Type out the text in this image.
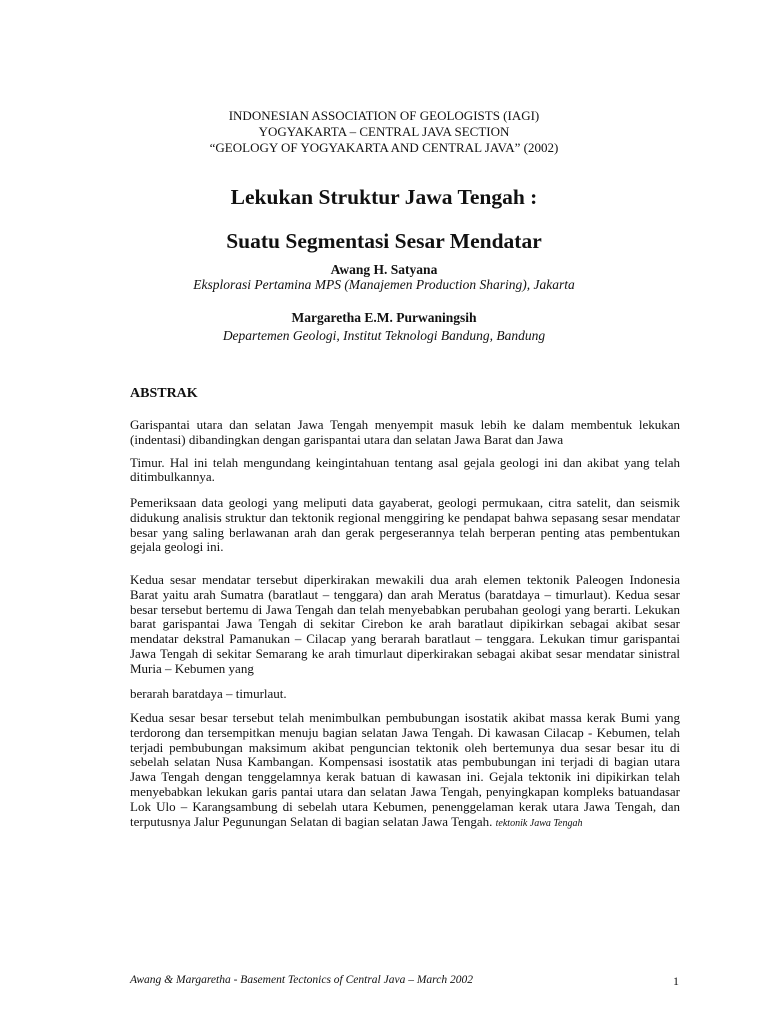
INDONESIAN ASSOCIATION OF GEOLOGISTS (IAGI)
YOGYAKARTA – CENTRAL JAVA SECTION
“GEOLOGY OF YOGYAKARTA AND CENTRAL JAVA” (2002)
Lekukan Struktur Jawa Tengah :
Suatu Segmentasi Sesar Mendatar
Awang H. Satyana
Eksplorasi Pertamina MPS (Manajemen Production Sharing), Jakarta
Margaretha E.M. Purwaningsih
Departemen Geologi, Institut Teknologi Bandung, Bandung
ABSTRAK
Garispantai utara dan selatan Jawa Tengah menyempit masuk lebih ke dalam membentuk lekukan (indentasi) dibandingkan dengan garispantai utara dan selatan Jawa Barat dan Jawa
Timur. Hal ini telah mengundang keingintahuan tentang asal gejala geologi ini dan akibat yang telah ditimbulkannya.
Pemeriksaan data geologi yang meliputi data gayaberat, geologi permukaan, citra satelit, dan seismik didukung analisis struktur dan tektonik regional menggiring ke pendapat bahwa sepasang sesar mendatar besar yang saling berlawanan arah dan gerak pergeserannya telah berperan penting atas pembentukan gejala geologi ini.
Kedua sesar mendatar tersebut diperkirakan mewakili dua arah elemen tektonik Paleogen Indonesia Barat yaitu arah Sumatra (baratlaut – tenggara) dan arah Meratus (baratdaya – timurlaut). Kedua sesar besar tersebut bertemu di Jawa Tengah dan telah menyebabkan perubahan geologi yang berarti. Lekukan barat garispantai Jawa Tengah di sekitar Cirebon ke arah baratlaut dipikirkan sebagai akibat sesar mendatar dekstral Pamanukan – Cilacap yang berarah baratlaut – tenggara. Lekukan timur garispantai Jawa Tengah di sekitar Semarang ke arah timurlaut diperkirakan sebagai akibat sesar mendatar sinistral Muria – Kebumen yang
berarah baratdaya – timurlaut.
Kedua sesar besar tersebut telah menimbulkan pembubungan isostatik akibat massa kerak Bumi yang terdorong dan tersempitkan menuju bagian selatan Jawa Tengah. Di kawasan Cilacap - Kebumen, telah terjadi pembubungan maksimum akibat penguncian tektonik oleh bertemunya dua sesar besar itu di sebelah selatan Nusa Kambangan. Kompensasi isostatik atas pembubungan ini terjadi di bagian utara Jawa Tengah dengan tenggelamnya kerak batuan di kawasan ini. Gejala tektonik ini dipikirkan telah menyebabkan lekukan garis pantai utara dan selatan Jawa Tengah, penyingkapan kompleks batuandasar Lok Ulo – Karangsambung di sebelah utara Kebumen, penenggelaman kerak utara Jawa Tengah, dan terputusnya Jalur Pegunungan Selatan di bagian selatan Jawa Tengah. tektonik Jawa Tengah
Awang & Margaretha - Basement Tectonics of Central Java – March 2002	1
